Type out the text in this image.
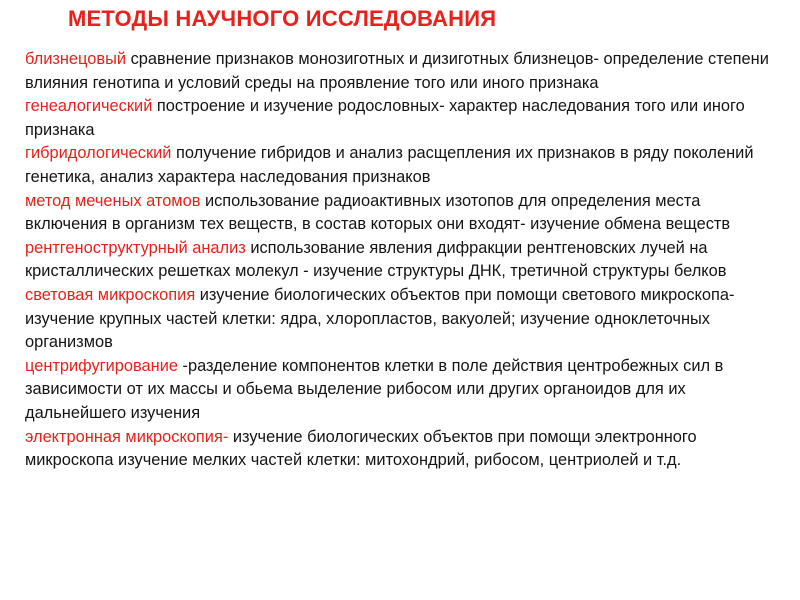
МЕТОДЫ НАУЧНОГО ИССЛЕДОВАНИЯ

близнецовый сравнение признаков монозиготных и дизиготных близнецов- определение степени влияния генотипа и условий среды на проявление того или иного признака

генеалогический построение и изучение родословных- характер наследования того или иного признака

гибридологический получение гибридов и анализ расщепления их признаков в ряду поколений генетика, анализ характера наследования признаков

метод меченых атомов использование радиоактивных изотопов для определения места включения в организм тех веществ, в состав которых они входят- изучение обмена веществ

рентгеноструктурный анализ использование явления дифракции рентгеновских лучей на кристаллических решетках молекул - изучение структуры ДНК, третичной структуры белков

световая микроскопия изучение биологических объектов при помощи светового микроскопа- изучение крупных частей клетки: ядра, хлоропластов, вакуолей; изучение одноклеточных организмов

центрифугирование -разделение компонентов клетки в поле действия центробежных сил в зависимости от их массы и обьема выделение рибосом или других органоидов для их дальнейшего изучения

электронная микроскопия- изучение биологических объектов при помощи электронного микроскопа изучение мелких частей клетки: митохондрий, рибосом, центриолей и т.д.
